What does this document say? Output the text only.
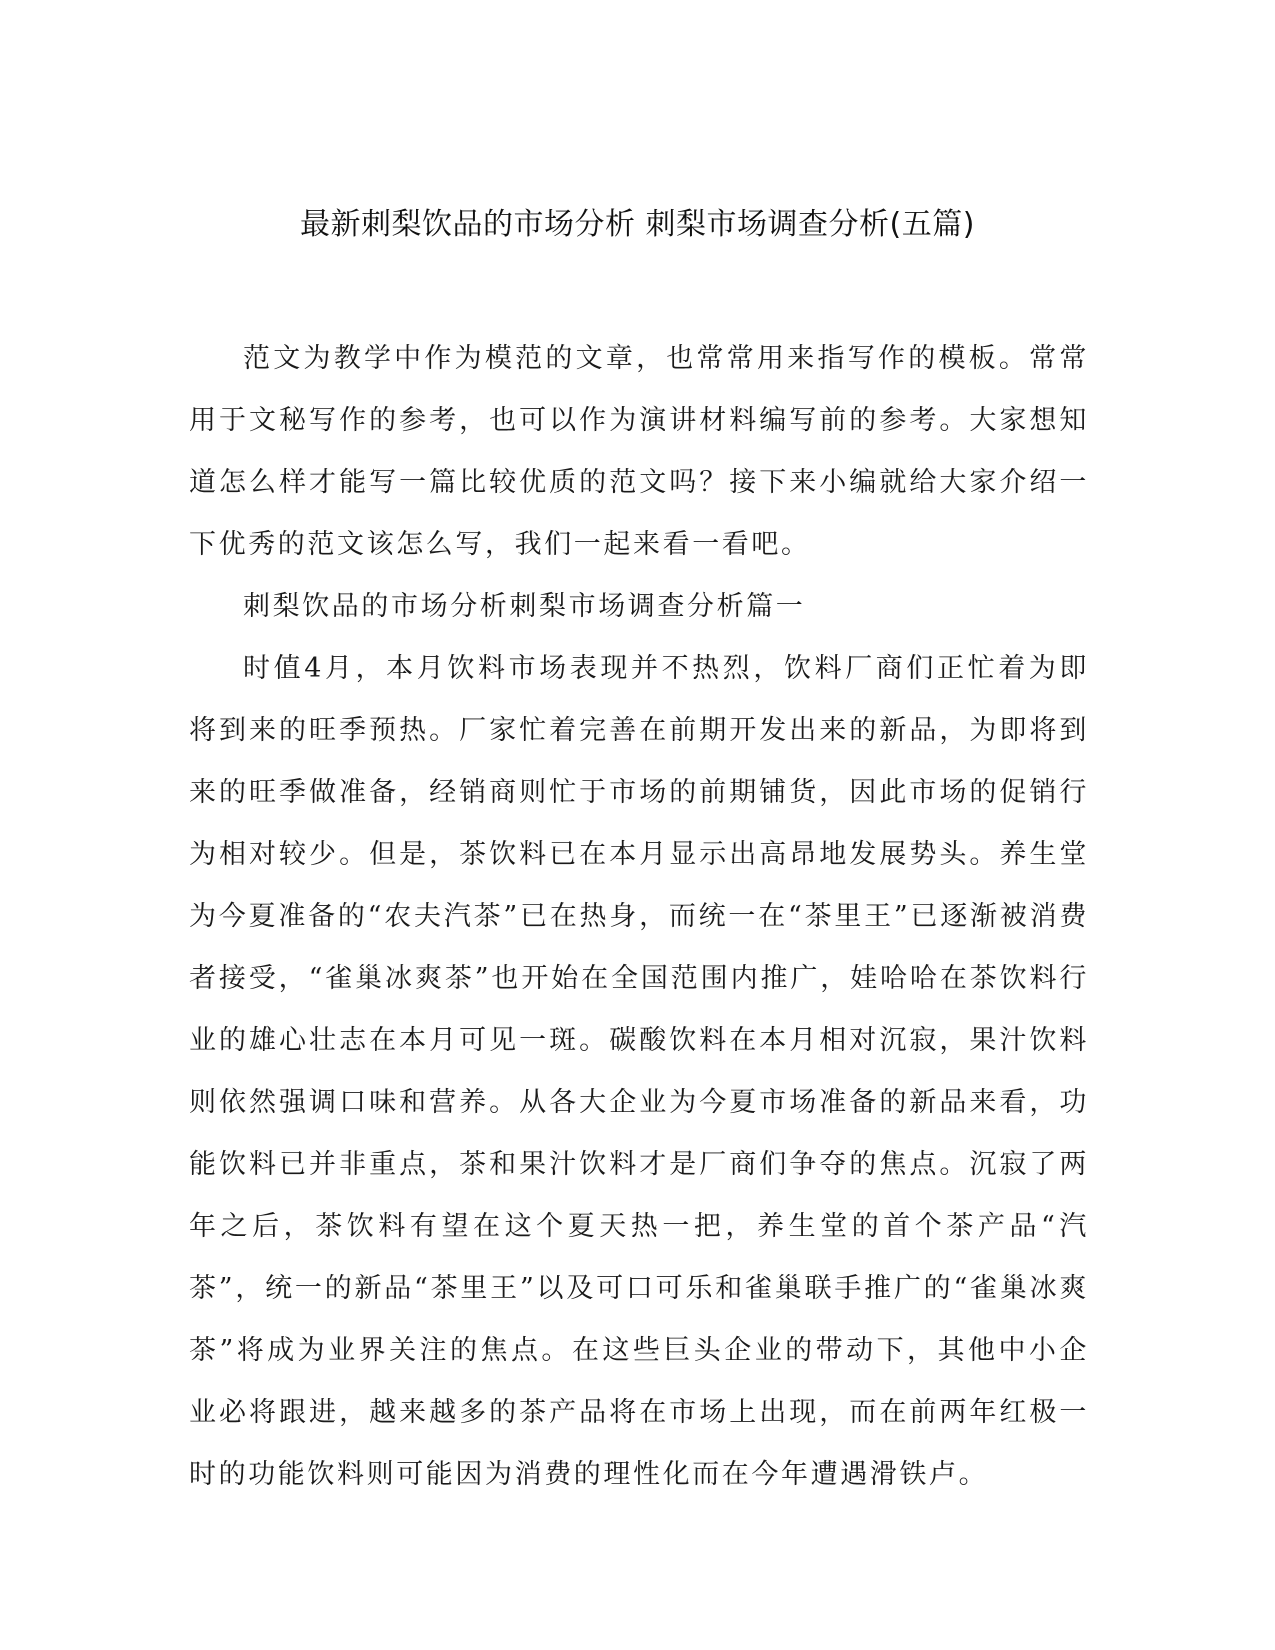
最新刺梨饮品的市场分析 刺梨市场调查分析(五篇)

范文为教学中作为模范的文章，也常常用来指写作的模板。常常用于文秘写作的参考，也可以作为演讲材料编写前的参考。大家想知道怎么样才能写一篇比较优质的范文吗？接下来小编就给大家介绍一下优秀的范文该怎么写，我们一起来看一看吧。

刺梨饮品的市场分析刺梨市场调查分析篇一

时值4月，本月饮料市场表现并不热烈，饮料厂商们正忙着为即将到来的旺季预热。厂家忙着完善在前期开发出来的新品，为即将到来的旺季做准备，经销商则忙于市场的前期铺货，因此市场的促销行为相对较少。但是，茶饮料已在本月显示出高昂地发展势头。养生堂为今夏准备的“农夫汽茶”已在热身，而统一在“茶里王”已逐渐被消费者接受，“雀巢冰爽茶”也开始在全国范围内推广，娃哈哈在茶饮料行业的雄心壮志在本月可见一斑。碳酸饮料在本月相对沉寂，果汁饮料则依然强调口味和营养。从各大企业为今夏市场准备的新品来看，功能饮料已并非重点，茶和果汁饮料才是厂商们争夺的焦点。沉寂了两年之后，茶饮料有望在这个夏天热一把，养生堂的首个茶产品“汽茶”，统一的新品“茶里王”以及可口可乐和雀巢联手推广的“雀巢冰爽茶”将成为业界关注的焦点。在这些巨头企业的带动下，其他中小企业必将跟进，越来越多的茶产品将在市场上出现，而在前两年红极一时的功能饮料则可能因为消费的理性化而在今年遭遇滑铁卢。
